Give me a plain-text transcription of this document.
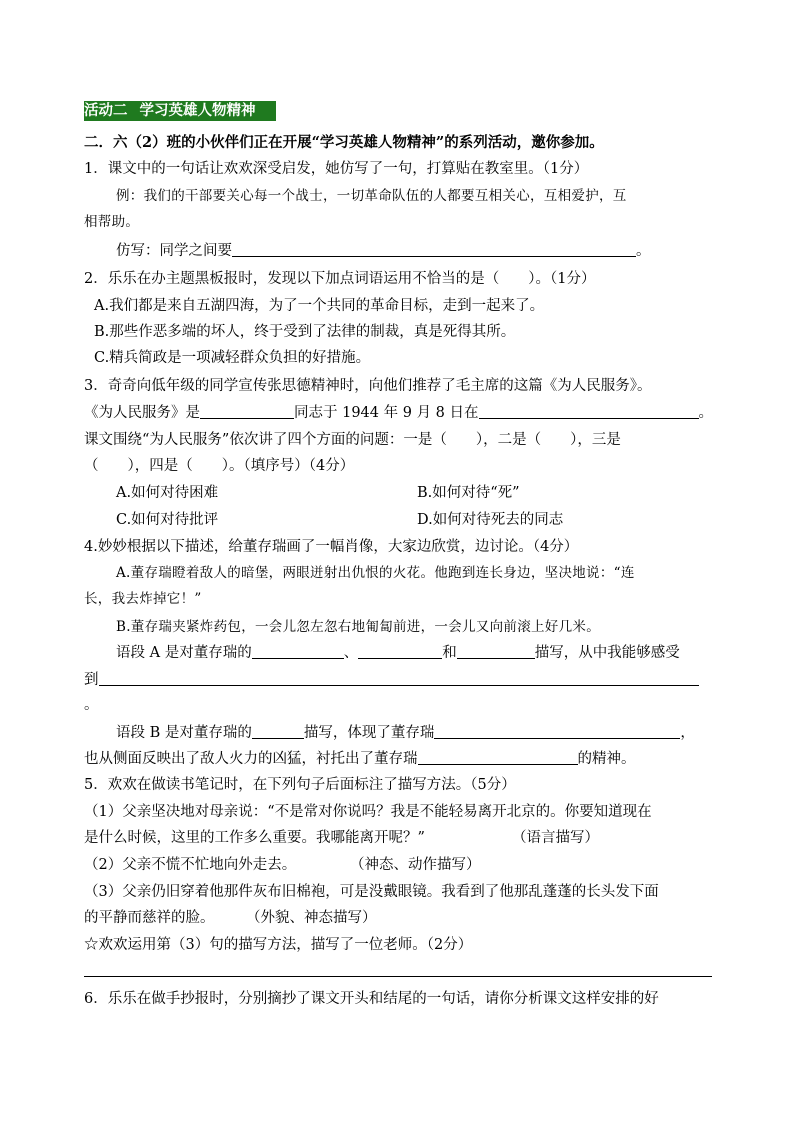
活动二 学习英雄人物精神
二．六（2）班的小伙伴们正在开展“学习英雄人物精神”的系列活动，邀你参加。
1．课文中的一句话让欢欢深受启发，她仿写了一句，打算贴在教室里。（1分）
例：我们的干部要关心每一个战士，一切革命队伍的人都要互相关心，互相爱护，互
相帮助。
仿写：同学之间要	。
2．乐乐在办主题黑板报时，发现以下加点词语运用不恰当的是（　　）。（1分）
A.我们都是来自五湖四海，为了一个共同的革命目标，走到一起来了。
B.那些作恶多端的坏人，终于受到了法律的制裁，真是死得其所。
C.精兵简政是一项减轻群众负担的好措施。
3．奇奇向低年级的同学宣传张思德精神时，向他们推荐了毛主席的这篇《为人民服务》。
《为人民服务》是	同志于 1944 年 9 月 8 日在	。
课文围绕“为人民服务”依次讲了四个方面的问题：一是（　　），二是（　　），三是
（　　），四是（　　）。（填序号）（4分）
A.如何对待困难	B.如何对待“死”
C.如何对待批评	D.如何对待死去的同志
4.妙妙根据以下描述，给董存瑞画了一幅肖像，大家边欣赏，边讨论。（4分）
A.董存瑞瞪着敌人的暗堡，两眼迸射出仇恨的火花。他跑到连长身边，坚决地说：“连
长，我去炸掉它！”
B.董存瑞夹紧炸药包，一会儿忽左忽右地匍匐前进，一会儿又向前滚上好几米。
语段 A 是对董存瑞的	、	和	描写，从中我能够感受
到
。
语段 B 是对董存瑞的	描写，体现了董存瑞	，
也从侧面反映出了敌人火力的凶猛，衬托出了董存瑞	的精神。
5．欢欢在做读书笔记时，在下列句子后面标注了描写方法。（5分）
（1）父亲坚决地对母亲说：“不是常对你说吗？我是不能轻易离开北京的。你要知道现在
是什么时候，这里的工作多么重要。我哪能离开呢？”	（语言描写）
（2）父亲不慌不忙地向外走去。	（神态、动作描写）
（3）父亲仍旧穿着他那件灰布旧棉袍，可是没戴眼镜。我看到了他那乱蓬蓬的长头发下面
的平静而慈祥的脸。 （外貌、神态描写）
☆欢欢运用第（3）句的描写方法，描写了一位老师。（2分）
6．乐乐在做手抄报时，分别摘抄了课文开头和结尾的一句话，请你分析课文这样安排的好
